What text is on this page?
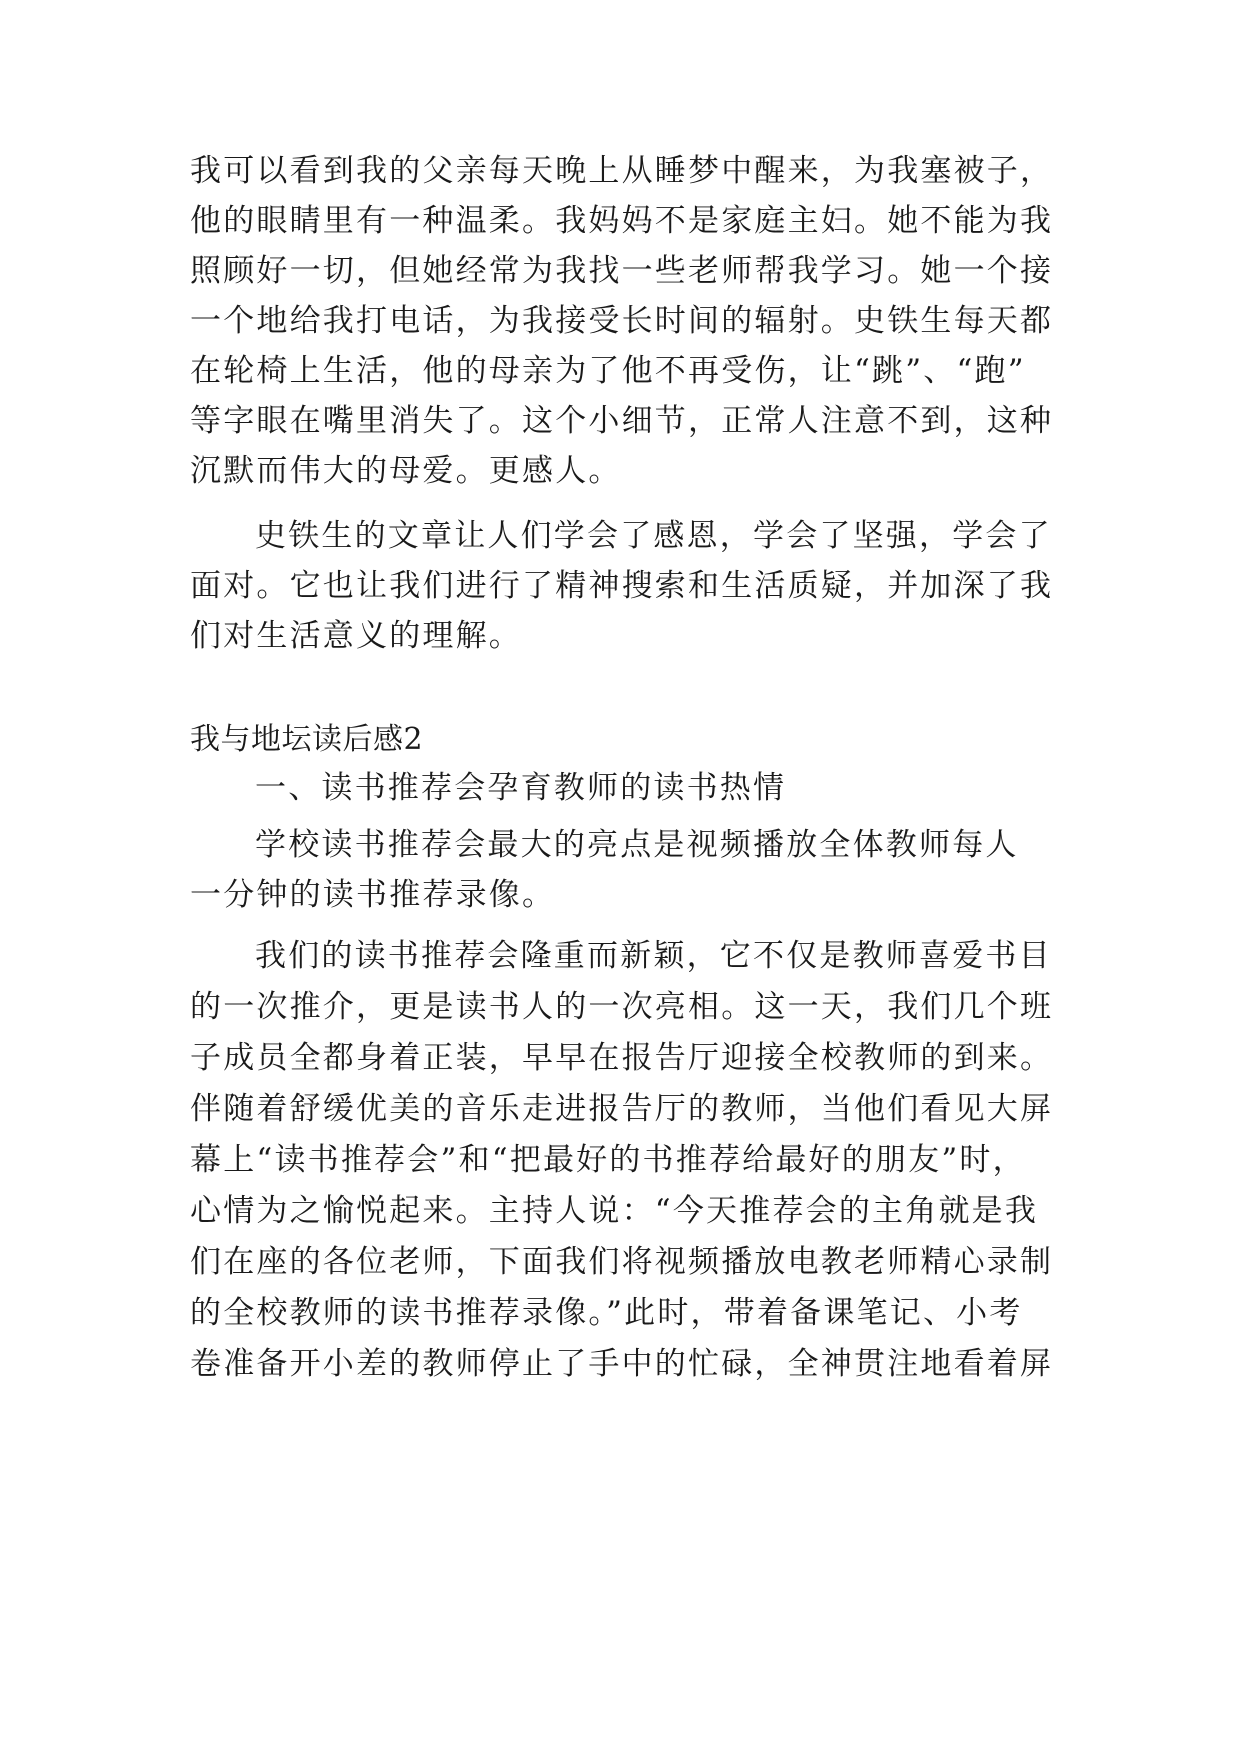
我可以看到我的父亲每天晚上从睡梦中醒来，为我塞被子，
他的眼睛里有一种温柔。我妈妈不是家庭主妇。她不能为我
照顾好一切，但她经常为我找一些老师帮我学习。她一个接
一个地给我打电话，为我接受长时间的辐射。史铁生每天都
在轮椅上生活，他的母亲为了他不再受伤，让“跳”、“跑”
等字眼在嘴里消失了。这个小细节，正常人注意不到，这种
沉默而伟大的母爱。更感人。
史铁生的文章让人们学会了感恩，学会了坚强，学会了
面对。它也让我们进行了精神搜索和生活质疑，并加深了我
们对生活意义的理解。
我与地坛读后感2
一、读书推荐会孕育教师的读书热情
学校读书推荐会最大的亮点是视频播放全体教师每人
一分钟的读书推荐录像。
我们的读书推荐会隆重而新颖，它不仅是教师喜爱书目
的一次推介，更是读书人的一次亮相。这一天，我们几个班
子成员全都身着正装，早早在报告厅迎接全校教师的到来。
伴随着舒缓优美的音乐走进报告厅的教师，当他们看见大屏
幕上“读书推荐会”和“把最好的书推荐给最好的朋友”时，
心情为之愉悦起来。主持人说：“今天推荐会的主角就是我
们在座的各位老师，下面我们将视频播放电教老师精心录制
的全校教师的读书推荐录像。”此时，带着备课笔记、小考
卷准备开小差的教师停止了手中的忙碌，全神贯注地看着屏
